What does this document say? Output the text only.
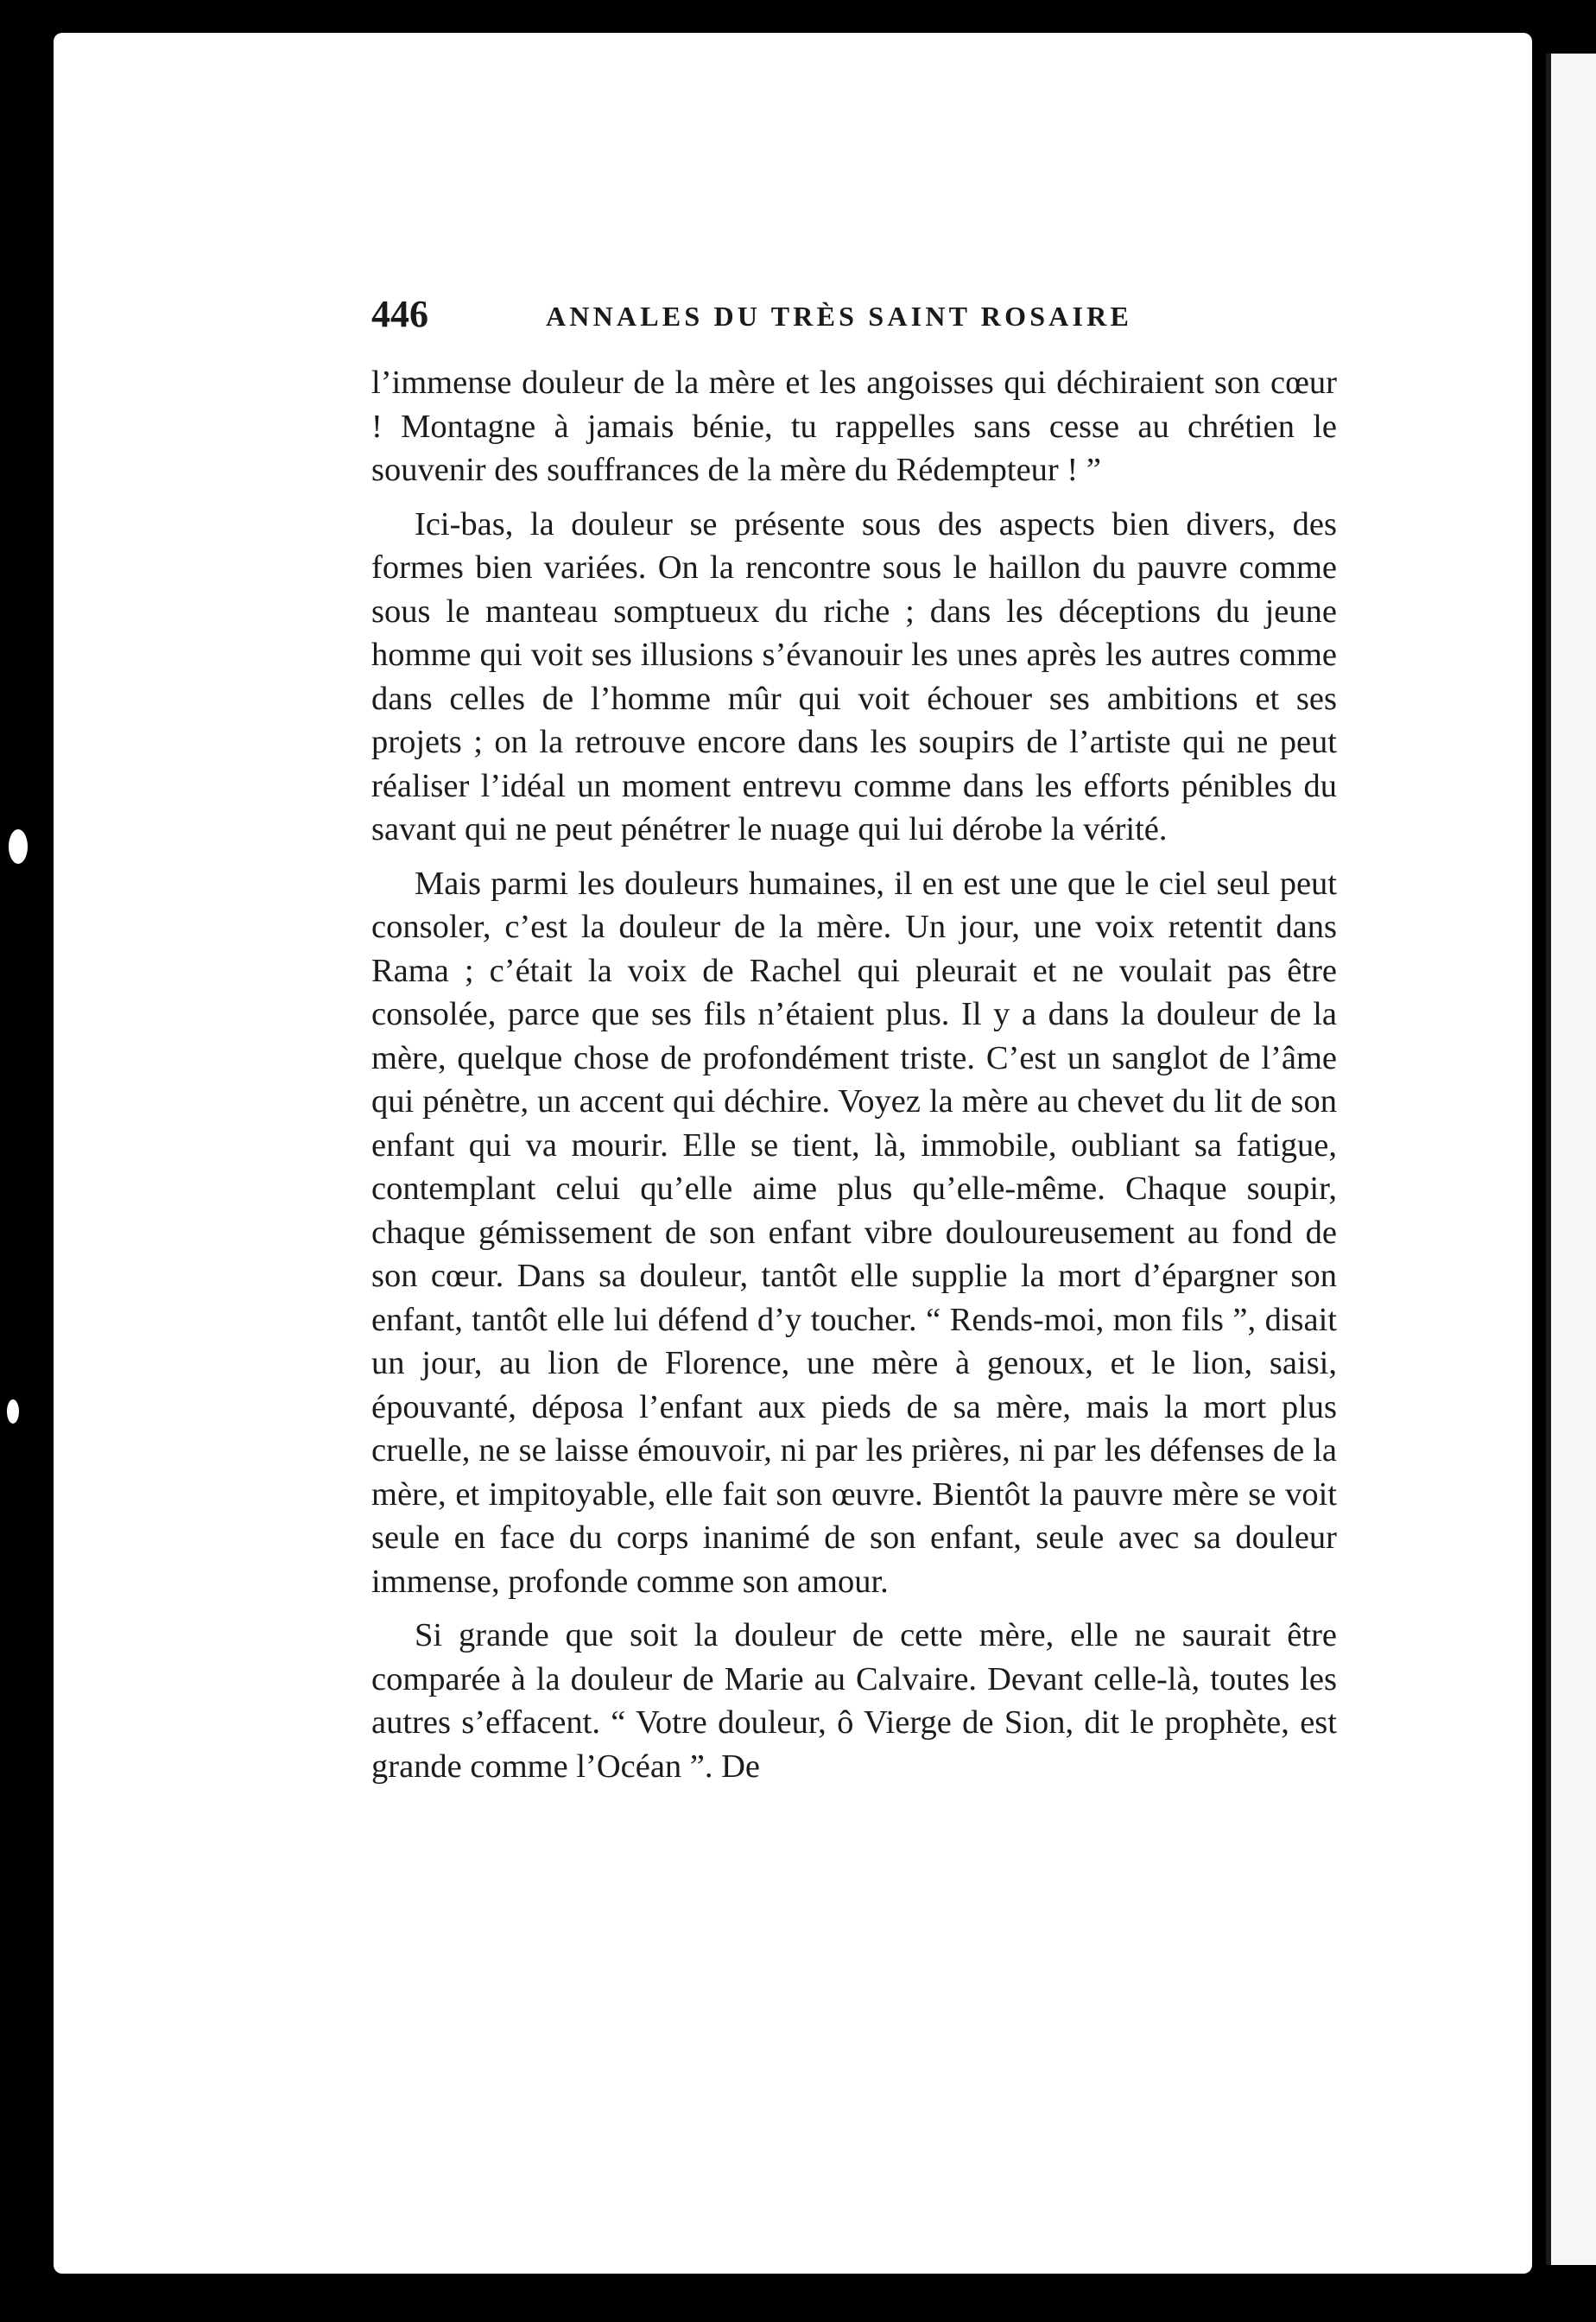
446	ANNALES DU TRÈS SAINT ROSAIRE

l’immense douleur de la mère et les angoisses qui déchiraient son cœur ! Montagne à jamais bénie, tu rappelles sans cesse au chrétien le souvenir des souffrances de la mère du Rédempteur ! ”

Ici-bas, la douleur se présente sous des aspects bien divers, des formes bien variées. On la rencontre sous le haillon du pauvre comme sous le manteau somptueux du riche ; dans les déceptions du jeune homme qui voit ses illusions s’évanouir les unes après les autres comme dans celles de l’homme mûr qui voit échouer ses ambitions et ses projets ; on la retrouve encore dans les soupirs de l’artiste qui ne peut réaliser l’idéal un moment entrevu comme dans les efforts pénibles du savant qui ne peut pénétrer le nuage qui lui dérobe la vérité.

Mais parmi les douleurs humaines, il en est une que le ciel seul peut consoler, c’est la douleur de la mère. Un jour, une voix retentit dans Rama ; c’était la voix de Rachel qui pleurait et ne voulait pas être consolée, parce que ses fils n’étaient plus. Il y a dans la douleur de la mère, quelque chose de profondément triste. C’est un sanglot de l’âme qui pénètre, un accent qui déchire. Voyez la mère au chevet du lit de son enfant qui va mourir. Elle se tient, là, immobile, oubliant sa fatigue, contemplant celui qu’elle aime plus qu’elle-même. Chaque soupir, chaque gémissement de son enfant vibre douloureusement au fond de son cœur. Dans sa douleur, tantôt elle supplie la mort d’épargner son enfant, tantôt elle lui défend d’y toucher. “ Rends-moi, mon fils ”, disait un jour, au lion de Florence, une mère à genoux, et le lion, saisi, épouvanté, déposa l’enfant aux pieds de sa mère, mais la mort plus cruelle, ne se laisse émouvoir, ni par les prières, ni par les défenses de la mère, et impitoyable, elle fait son œuvre. Bientôt la pauvre mère se voit seule en face du corps inanimé de son enfant, seule avec sa douleur immense, profonde comme son amour.

Si grande que soit la douleur de cette mère, elle ne saurait être comparée à la douleur de Marie au Calvaire. Devant celle-là, toutes les autres s’effacent. “ Votre douleur, ô Vierge de Sion, dit le prophète, est grande comme l’Océan ”. De
